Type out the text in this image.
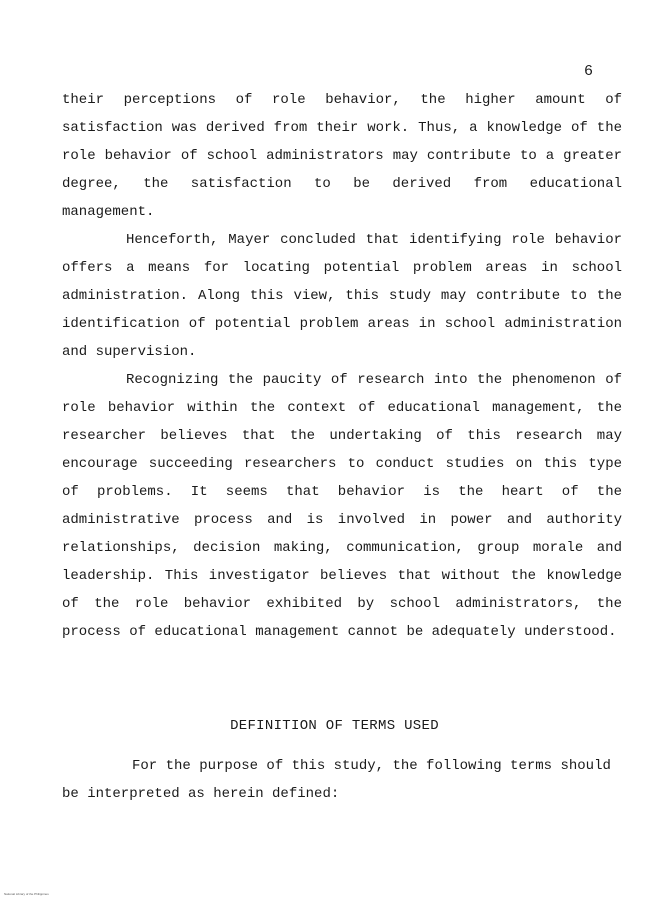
6

their perceptions of role behavior, the higher amount of satisfaction was derived from their work. Thus, a knowledge of the role behavior of school administrators may contribute to a greater degree, the satisfaction to be derived from educational management.

Henceforth, Mayer concluded that identifying role behavior offers a means for locating potential problem areas in school administration. Along this view, this study may contribute to the identification of potential problem areas in school administration and supervision.

Recognizing the paucity of research into the phenomenon of role behavior within the context of educational management, the researcher believes that the undertaking of this research may encourage succeeding researchers to conduct studies on this type of problems. It seems that behavior is the heart of the administrative process and is involved in power and authority relationships, decision making, communication, group morale and leadership. This investigator believes that without the knowledge of the role behavior exhibited by school administrators, the process of educational management cannot be adequately understood.

DEFINITION OF TERMS USED

For the purpose of this study, the following terms should be interpreted as herein defined:

National Library of the Philippines
